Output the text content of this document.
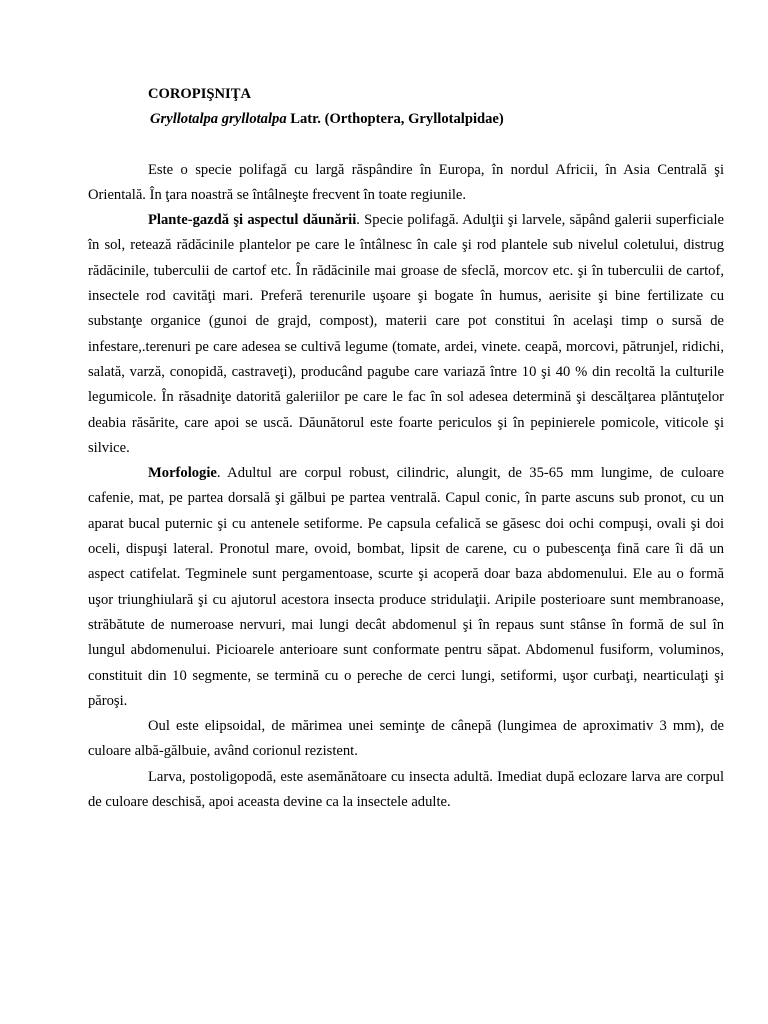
COROPIŞNIŢA
Gryllotalpa gryllotalpa Latr. (Orthoptera, Gryllotalpidae)

Este o specie polifagă cu largă răspândire în Europa, în nordul Africii, în Asia Centrală şi Orientală. În ţara noastră se întâlneşte frecvent în toate regiunile.

Plante-gazdă şi aspectul dăunării. Specie polifagă. Adulţii şi larvele, săpând galerii superficiale în sol, retează rădăcinile plantelor pe care le întâlnesc în cale şi rod plantele sub nivelul coletului, distrug rădăcinile, tuberculii de cartof etc. În rădăcinile mai groase de sfeclă, morcov etc. şi în tuberculii de cartof, insectele rod cavităţi mari. Preferă terenurile uşoare şi bogate în humus, aerisite şi bine fertilizate cu substanţe organice (gunoi de grajd, compost), materii care pot constitui în acelaşi timp o sursă de infestare,.terenuri pe care adesea se cultivă legume (tomate, ardei, vinete. ceapă, morcovi, pătrunjel, ridichi, salată, varză, conopidă, castraveţi), producând pagube care variază între 10 şi 40 % din recoltă la culturile legumicole. În răsadniţe datorită galeriilor pe care le fac în sol adesea determină şi descălţarea plăntuţelor deabia răsărite, care apoi se uscă. Dăunătorul este foarte periculos şi în pepinierele pomicole, viticole şi silvice.

Morfologie. Adultul are corpul robust, cilindric, alungit, de 35-65 mm lungime, de culoare cafenie, mat, pe partea dorsală şi gălbui pe partea ventrală. Capul conic, în parte ascuns sub pronot, cu un aparat bucal puternic şi cu antenele setiforme. Pe capsula cefalică se găsesc doi ochi compuşi, ovali şi doi oceli, dispuşi lateral. Pronotul mare, ovoid, bombat, lipsit de carene, cu o pubescenţa fină care îi dă un aspect catifelat. Tegminele sunt pergamentoase, scurte şi acoperă doar baza abdomenului. Ele au o formă uşor triunghiulară şi cu ajutorul acestora insecta produce stridulaţii. Aripile posterioare sunt membranoase, străbătute de numeroase nervuri, mai lungi decât abdomenul şi în repaus sunt stânse în formă de sul în lungul abdomenului. Picioarele anterioare sunt conformate pentru săpat. Abdomenul fusiform, voluminos, constituit din 10 segmente, se termină cu o pereche de cerci lungi, setiformi, uşor curbaţi, nearticulaţi şi păroşi.

Oul este elipsoidal, de mărimea unei seminţe de cânepă (lungimea de aproximativ 3 mm), de culoare albă-gălbuie, având corionul rezistent.

Larva, postoligopodă, este asemănătoare cu insecta adultă. Imediat după eclozare larva are corpul de culoare deschisă, apoi aceasta devine ca la insectele adulte.
